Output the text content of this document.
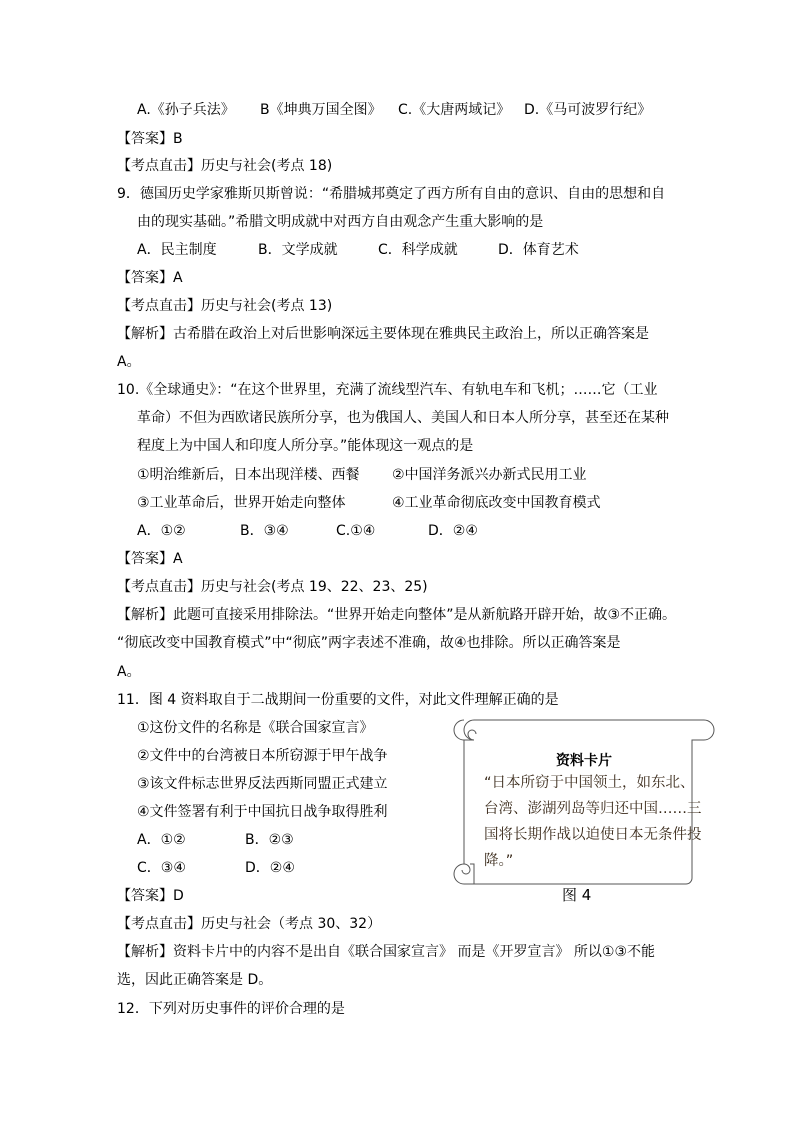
A.《孙子兵法》 B《坤典万国全图》 C.《大唐两域记》 D.《马可波罗行纪》
【答案】B
【考点直击】历史与社会(考点 18)
9．德国历史学家雅斯贝斯曾说：“希腊城邦奠定了西方所有自由的意识、自由的思想和自
由的现实基础。”希腊文明成就中对西方自由观念产生重大影响的是
A．民主制度	B．文学成就	C．科学成就	D．体育艺术
【答案】A
【考点直击】历史与社会(考点 13)
【解析】古希腊在政治上对后世影响深远主要体现在雅典民主政治上，所以正确答案是
A。
10.《全球通史》：“在这个世界里，充满了流线型汽车、有轨电车和飞机；……它（工业
革命）不但为西欧诸民族所分享，也为俄国人、美国人和日本人所分享，甚至还在某种
程度上为中国人和印度人所分享。”能体现这一观点的是
①明治维新后，日本出现洋楼、西餐 ②中国洋务派兴办新式民用工业
③工业革命后，世界开始走向整体	④工业革命彻底改变中国教育模式
A．①②	B．③④	C.①④	D．②④
【答案】A
【考点直击】历史与社会(考点 19、22、23、25)
【解析】此题可直接采用排除法。“世界开始走向整体”是从新航路开辟开始，故③不正确。
“彻底改变中国教育模式”中“彻底”两字表述不准确，故④也排除。所以正确答案是
A。
11．图 4 资料取自于二战期间一份重要的文件，对此文件理解正确的是
①这份文件的名称是《联合国家宣言》
②文件中的台湾被日本所窃源于甲午战争
③该文件标志世界反法西斯同盟正式建立
④文件签署有利于中国抗日战争取得胜利
A．①②	B．②③
C．③④	D．②④
资料卡片
“日本所窃于中国领土，如东北、台湾、澎湖列岛等归还中国……三国将长期作战以迫使日本无条件投降。”
图 4
【答案】D
【考点直击】历史与社会（考点 30、32）
【解析】资料卡片中的内容不是出自《联合国家宣言》 而是《开罗宣言》 所以①③不能
选，因此正确答案是 D。
12．下列对历史事件的评价合理的是
